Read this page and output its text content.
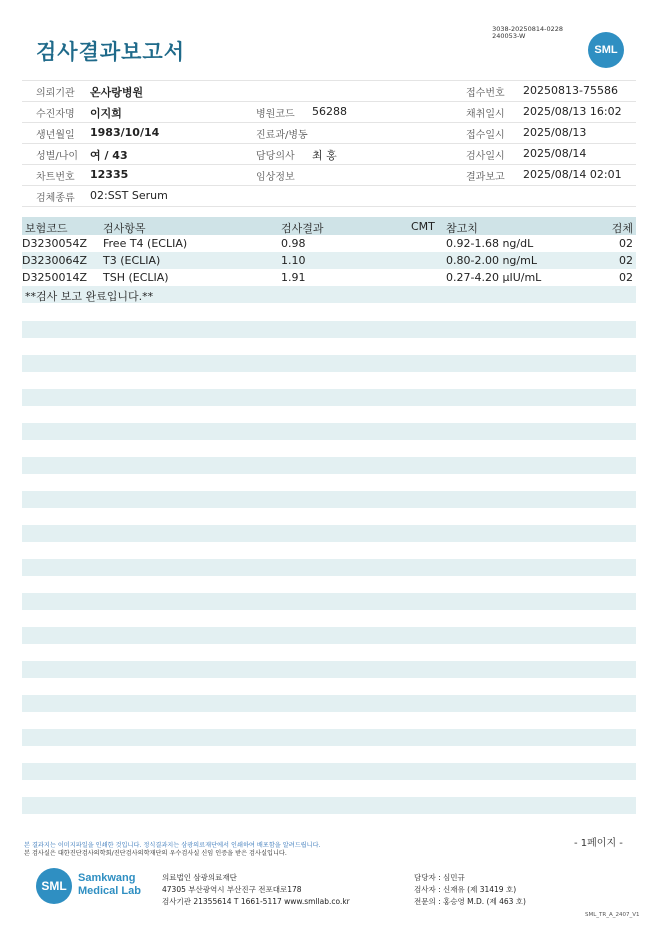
검사결과보고서
3038-20250814-0228
240053-W
SML
의뢰기관 온사랑병원	접수번호 20250813-75586
수진자명 이지희	병원코드 56288	채취일시 2025/08/13 16:02
생년월일 1983/10/14	진료과/병동	접수일시 2025/08/13
성별/나이 여 / 43	담당의사 최 홍	검사일시 2025/08/14
차트번호 12335	임상정보	결과보고 2025/08/14 02:01
검체종류 02:SST Serum
보험코드	검사항목	검사결과	CMT 참고치	검체
D3230054Z Free T4 (ECLIA)	0.98	0.92-1.68 ng/dL	02
D3230064Z T3 (ECLIA)	1.10	0.80-2.00 ng/mL	02
D3250014Z TSH (ECLIA)	1.91	0.27-4.20 µIU/mL	02
**검사 보고 완료입니다.**
- 1페이지 -
본 결과지는 이미지파일을 인쇄한 것입니다. 정식결과지는 삼광의료재단에서 인쇄하여 배포함을 알려드립니다.
본 검사실은 대한진단검사의학회/진단검사의학재단의 우수검사실 신임 인증을 받은 검사실입니다.
SML
Samkwang
Medical Lab
의료법인 삼광의료재단
47305 부산광역시 부산진구 전포대로178
검사기관 21355614 T 1661-5117 www.smllab.co.kr
담당자 : 심민규
검사자 : 신재유 (제 31419 호)
전문의 : 홍승영 M.D. (제 463 호)
SML_TR_A_2407_V1
